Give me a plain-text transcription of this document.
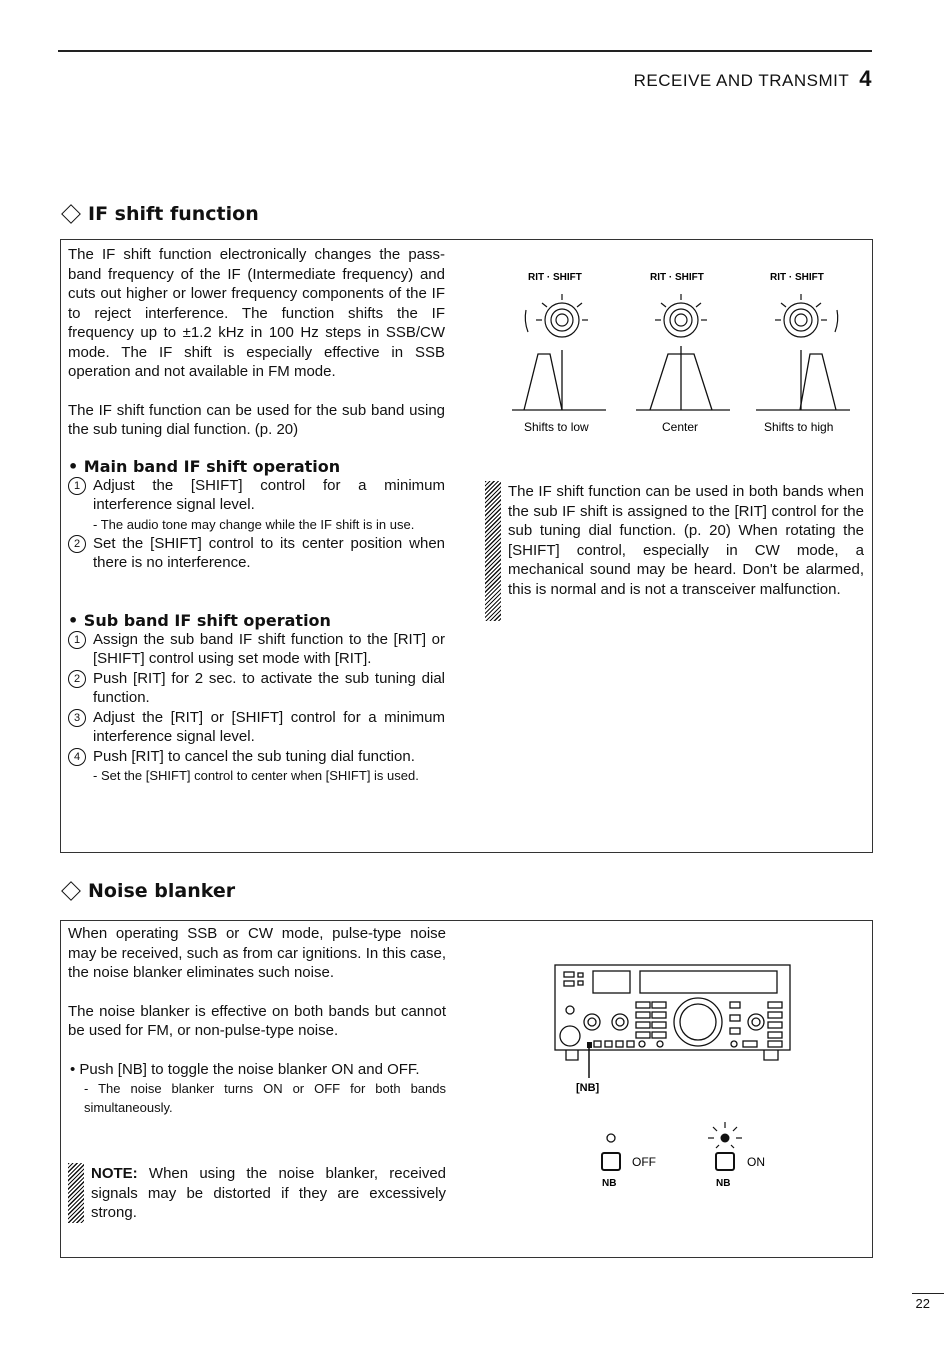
RECEIVE AND TRANSMIT 4
IF shift function
The IF shift function electronically changes the pass-band frequency of the IF (Intermediate frequency) and cuts out higher or lower frequency components of the IF to reject interference. The function shifts the IF frequency up to ±1.2 kHz in 100 Hz steps in SSB/CW mode. The IF shift is especially effective in SSB operation and not available in FM mode.
The IF shift function can be used for the sub band using the sub tuning dial function. (p. 20)
• Main band IF shift operation
1 Adjust the [SHIFT] control for a minimum interference signal level.
- The audio tone may change while the IF shift is in use.
2 Set the [SHIFT] control to its center position when there is no interference.
• Sub band IF shift operation
1 Assign the sub band IF shift function to the [RIT] or [SHIFT] control using set mode with [RIT].
2 Push [RIT] for 2 sec. to activate the sub tuning dial function.
3 Adjust the [RIT] or [SHIFT] control for a minimum interference signal level.
4 Push [RIT] to cancel the sub tuning dial function.
- Set the [SHIFT] control to center when [SHIFT] is used.
RIT · SHIFT	RIT · SHIFT	RIT · SHIFT
Shifts to low	Center	Shifts to high
The IF shift function can be used in both bands when the sub IF shift is assigned to the [RIT] control for the sub tuning dial function. (p. 20) When rotating the [SHIFT] control, especially in CW mode, a mechanical sound may be heard. Don't be alarmed, this is normal and is not a transceiver malfunction.
Noise blanker
When operating SSB or CW mode, pulse-type noise may be received, such as from car ignitions. In this case, the noise blanker eliminates such noise.
The noise blanker is effective on both bands but cannot be used for FM, or non-pulse-type noise.
• Push [NB] to toggle the noise blanker ON and OFF.
- The noise blanker turns ON or OFF for both bands simultaneously.
NOTE: When using the noise blanker, received signals may be distorted if they are excessively strong.
[NB]
OFF
NB
ON
NB
22
